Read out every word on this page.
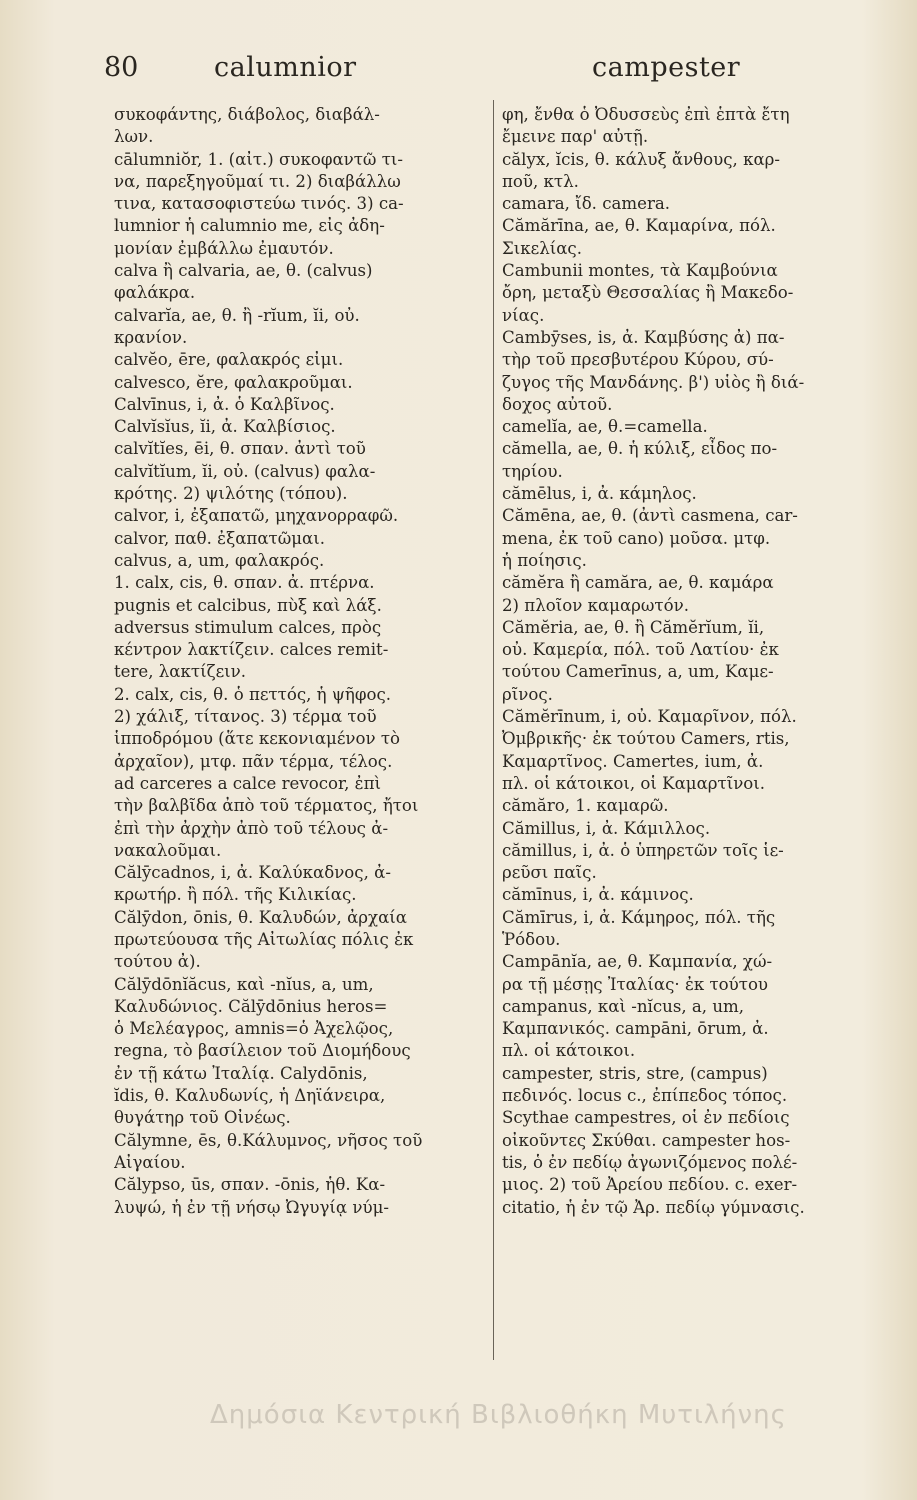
80	calumnior	campester
συκοφάντης, διάβολος, διαβάλ-
λων.
cālumniŏr, 1. (αἰτ.) συκοφαντῶ τι-
να, παρεξηγοῦμαί τι. 2) διαβάλλω
τινα, κατασοφιστεύω τινός. 3) ca-
lumnior ἡ calumnio me, εἰς ἀδη-
μονίαν ἐμβάλλω ἐμαυτόν.
calva ἢ calvaria, ae, θ. (calvus)
φαλάκρα.
calvarĭa, ae, θ. ἢ -rĭum, ĭi, οὐ.
κρανίον.
calvĕo, ēre, φαλακρός εἰμι.
calvesco, ĕre, φαλακροῦμαι.
Calvīnus, i, ἀ. ὁ Καλβῖνος.
Calvĭsĭus, ĭi, ἀ. Καλβίσιος.
calvĭtĭes, ēi, θ. σπαν. ἀντὶ τοῦ
calvĭtĭum, ĭi, οὐ. (calvus) φαλα-
κρότης. 2) ψιλότης (τόπου).
calvor, i, ἐξαπατῶ, μηχανορραφῶ.
calvor, παθ. ἐξαπατῶμαι.
calvus, a, um, φαλακρός.
1. calx, cis, θ. σπαν. ἀ. πτέρνα.
pugnis et calcibus, πὺξ καὶ λάξ.
adversus stimulum calces, πρὸς
κέντρον λακτίζειν. calces remit-
tere, λακτίζειν.
2. calx, cis, θ. ὁ πεττός, ἡ ψῆφος.
2) χάλιξ, τίτανος. 3) τέρμα τοῦ
ἱπποδρόμου (ἅτε κεκονιαμένον τὸ
ἀρχαῖον), μτφ. πᾶν τέρμα, τέλος.
ad carceres a calce revocor, ἐπὶ
τὴν βαλβῖδα ἀπὸ τοῦ τέρματος, ἤτοι
ἐπὶ τὴν ἀρχὴν ἀπὸ τοῦ τέλους ἀ-
νακαλοῦμαι.
Călȳcadnos, i, ἀ. Καλύκαδνος, ἀ-
κρωτήρ. ἢ πόλ. τῆς Κιλικίας.
Călȳdon, ōnis, θ. Καλυδών, ἀρχαία
πρωτεύουσα τῆς Αἰτωλίας πόλις ἐκ
τούτου ἀ).
Călȳdōnĭăcus, καὶ -nĭus, a, um,
Καλυδώνιος. Călȳdōnius heros=
ὁ Μελέαγρος, amnis=ὁ Ἀχελῷος,
regna, τὸ βασίλειον τοῦ Διομήδους
ἐν τῇ κάτω Ἰταλίᾳ. Calydōnis,
ĭdis, θ. Καλυδωνίς, ἡ Δηϊάνειρα,
θυγάτηρ τοῦ Οἰνέως.
Călymne, ēs, θ.Κάλυμνος, νῆσος τοῦ
Αἰγαίου.
Călypso, ūs, σπαν. -ōnis, ἡθ. Κα-
λυψώ, ἡ ἐν τῇ νήσῳ Ὠγυγίᾳ νύμ-
φη, ἔνθα ὁ Ὀδυσσεὺς ἐπὶ ἑπτὰ ἔτη
ἔμεινε παρ' αὐτῇ.
călyx, ĭcis, θ. κάλυξ ἄνθους, καρ-
ποῦ, κτλ.
camara, ἴδ. camera.
Cămărīna, ae, θ. Καμαρίνα, πόλ.
Σικελίας.
Cambunii montes, τὰ Καμβούνια
ὄρη, μεταξὺ Θεσσαλίας ἢ Μακεδο-
νίας.
Cambȳses, is, ἀ. Καμβύσης ἀ) πα-
τὴρ τοῦ πρεσβυτέρου Κύρου, σύ-
ζυγος τῆς Μανδάνης. β') υἱὸς ἢ διά-
δοχος αὐτοῦ.
camelĭa, ae, θ.=camella.
cămella, ae, θ. ἡ κύλιξ, εἶδος πο-
τηρίου.
cămēlus, i, ἀ. κάμηλος.
Cămēna, ae, θ. (ἀντὶ casmena, car-
mena, ἐκ τοῦ cano) μοῦσα. μτφ.
ἡ ποίησις.
cămĕra ἢ camăra, ae, θ. καμάρα
2) πλοῖον καμαρωτόν.
Cămĕria, ae, θ. ἢ Cămĕrĭum, ĭi,
οὐ. Καμερία, πόλ. τοῦ Λατίου· ἐκ
τούτου Camerīnus, a, um, Καμε-
ρῖνος.
Cămĕrīnum, i, οὐ. Καμαρῖνον, πόλ.
Ὀμβρικῆς· ἐκ τούτου Camers, rtis,
Καμαρτῖνος. Camertes, ium, ἀ.
πλ. οἱ κάτοικοι, οἱ Καμαρτῖνοι.
cămăro, 1. καμαρῶ.
Cămillus, i, ἀ. Κάμιλλος.
cămillus, i, ἀ. ὁ ὑπηρετῶν τοῖς ἱε-
ρεῦσι παῖς.
cămīnus, i, ἀ. κάμινος.
Cămīrus, i, ἀ. Κάμηρος, πόλ. τῆς
Ῥόδου.
Campānĭa, ae, θ. Καμπανία, χώ-
ρα τῇ μέσῃς Ἰταλίας· ἐκ τούτου
campanus, καὶ -nĭcus, a, um,
Καμπανικός. campāni, ōrum, ἀ.
πλ. οἱ κάτοικοι.
campester, stris, stre, (campus)
πεδινός. locus c., ἐπίπεδος τόπος.
Scythae campestres, οἱ ἐν πεδίοις
οἰκοῦντες Σκύθαι. campester hos-
tis, ὁ ἐν πεδίῳ ἀγωνιζόμενος πολέ-
μιος. 2) τοῦ Ἀρείου πεδίου. c. exer-
citatio, ἡ ἐν τῷ Ἀρ. πεδίῳ γύμνασις.
Δημόσια Κεντρική Βιβλιοθήκη Μυτιλήνης
